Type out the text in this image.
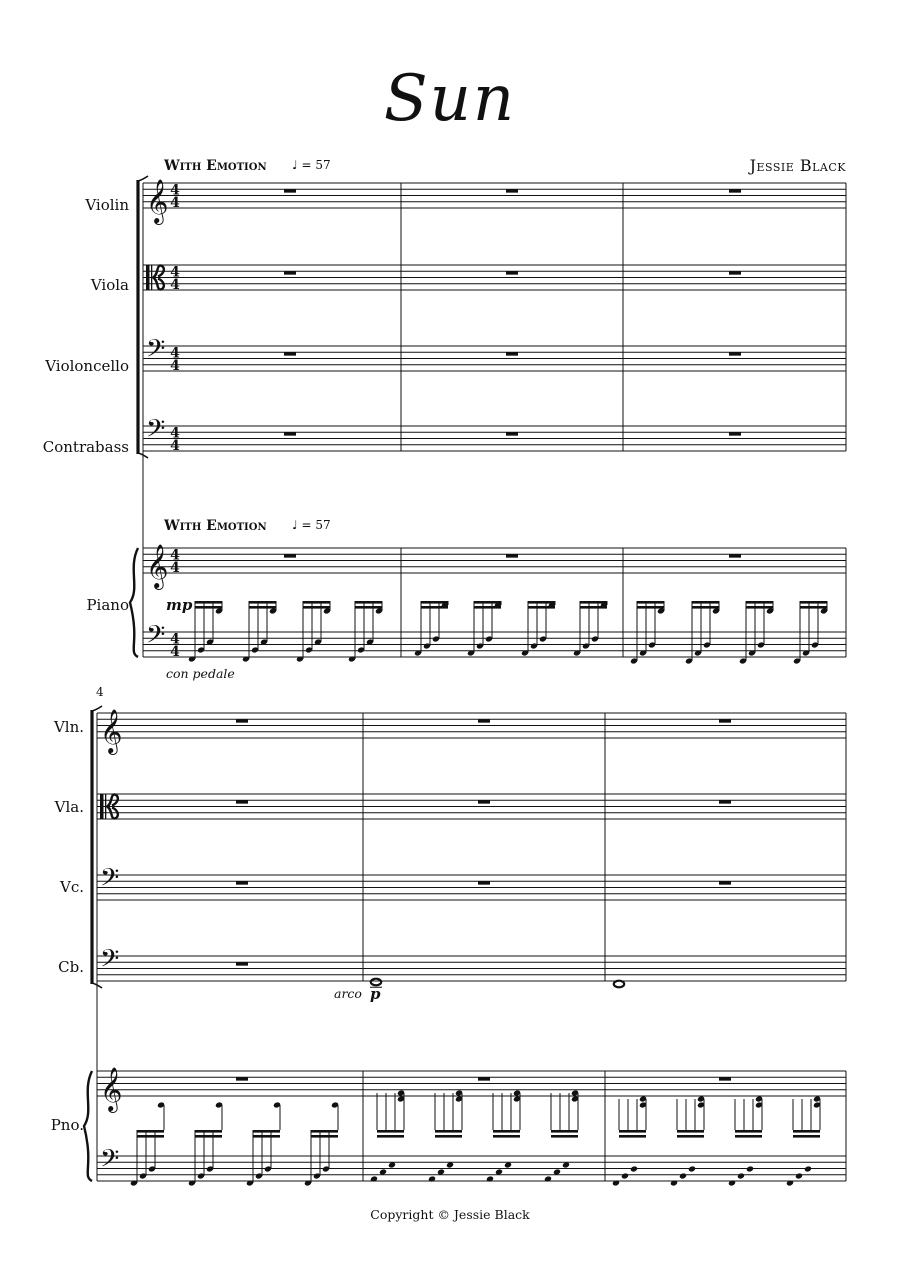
𝄞 4
4
4
4
𝄢 4
4
𝄢 4
4
𝄞
𝄢
4
4
4
4
𝄞
𝄢
𝄢
𝄞
𝄢
Sun
Jessie Black
With Emotion ♩ = 57
With Emotion ♩ = 57
Violin
Viola
Violoncello
Contrabass
Piano
4
Vln.
Vla.
Vc.
Cb.
Pno.
mp
con pedale
arco p
Copyright © Jessie Black
